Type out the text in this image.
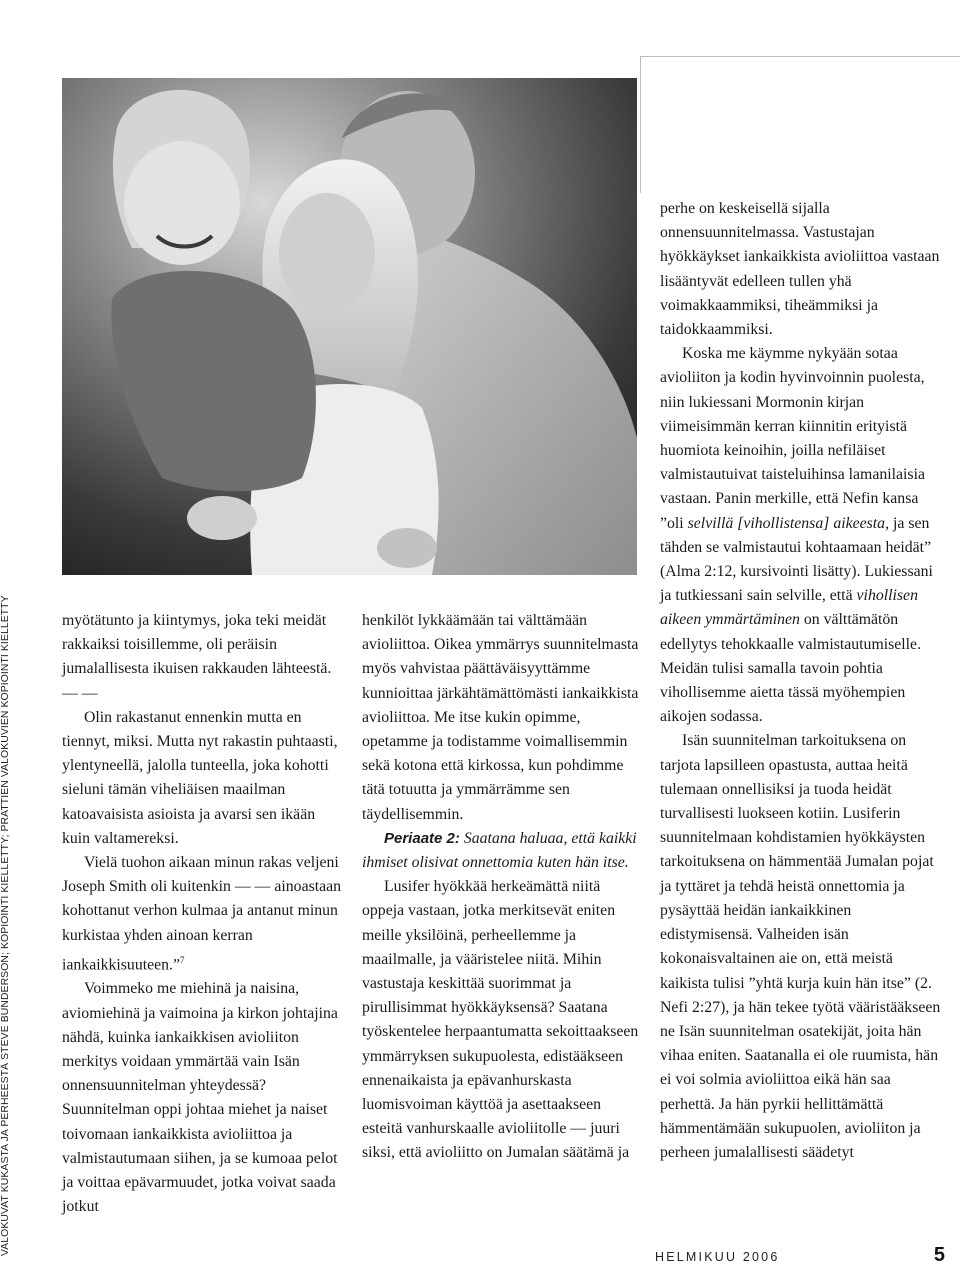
VALOKUVAT KUKASTA JA PERHEESTÄ STEVE BUNDERSON; KOPIOINTI KIELLETTY; PRATTIEN VALOKUVIEN KOPIOINTI KIELLETTY	myötätunto ja kiintymys, joka teki meidät rakkaiksi toisillemme, oli peräisin jumalallisesta ikuisen rakkauden lähteestä. — —

Olin rakastanut ennenkin mutta en tiennyt, miksi. Mutta nyt rakastin puhtaasti, ylentyneellä, jalolla tunteella, joka kohotti sieluni tämän viheliäisen maailman katoavaisista asioista ja avarsi sen ikään kuin valtamereksi.

Vielä tuohon aikaan minun rakas veljeni Joseph Smith oli kuitenkin — — ainoastaan kohottanut verhon kulmaa ja antanut minun kurkistaa yhden ainoan kerran iankaikkisuuteen.”$^7$

Voimmeko me miehinä ja naisina, aviomiehinä ja vaimoina ja kirkon johtajina nähdä, kuinka iankaikkisen avioliiton merkitys voidaan ymmärtää vain Isän onnensuunnitelman yhteydessä? Suunnitelman oppi johtaa miehet ja naiset toivomaan iankaikkista avioliittoa ja valmistautumaan siihen, ja se kumoaa pelot ja voittaa epävarmuudet, jotka voivat saada jotkut

henkilöt lykkäämään tai välttämään avioliittoa. Oikea ymmärrys suunnitelmasta myös vahvistaa päättäväisyyttämme kunnioittaa järkähtämättömästi iankaikkista avioliittoa. Me itse kukin opimme, opetamme ja todistamme voimallisemmin sekä kotona että kirkossa, kun pohdimme tätä totuutta ja ymmärrämme sen täydellisemmin.

Periaate 2: Saatana haluaa, että kaikki ihmiset olisivat onnettomia kuten hän itse.

Lusifer hyökkää herkeämättä niitä oppeja vastaan, jotka merkitsevät eniten meille yksilöinä, perheellemme ja maailmalle, ja vääristelee niitä. Mihin vastustaja keskittää suorimmat ja pirullisimmat hyökkäyksensä? Saatana työskentelee herpaantumatta sekoittaakseen ymmärryksen sukupuolesta, edistääkseen ennenaikaista ja epävanhurskasta luomisvoiman käyttöä ja asettaakseen esteitä vanhurskaalle avioliitolle — juuri siksi, että avioliitto on Jumalan säätämä ja

perhe on keskeisellä sijalla onnensuunnitelmassa. Vastustajan hyökkäykset iankaikkista avioliittoa vastaan lisääntyvät edelleen tullen yhä voimakkaammiksi, tiheämmiksi ja taidokkaammiksi.

Koska me käymme nykyään sotaa avioliiton ja kodin hyvinvoinnin puolesta, niin lukiessani Mormonin kirjan viimeisimmän kerran kiinnitin erityistä huomiota keinoihin, joilla nefiläiset valmistautuivat taisteluihinsa lamanilaisia vastaan. Panin merkille, että Nefin kansa ”oli selvillä [vihollistensa] aikeesta, ja sen tähden se valmistautui kohtaamaan heidät” (Alma 2:12, kursivointi lisätty). Lukiessani ja tutkiessani sain selville, että vihollisen aikeen ymmärtäminen on välttämätön edellytys tehokkaalle valmistautumiselle. Meidän tulisi samalla tavoin pohtia vihollisemme aietta tässä myöhempien aikojen sodassa.

Isän suunnitelman tarkoituksena on tarjota lapsilleen opastusta, auttaa heitä tulemaan onnellisiksi ja tuoda heidät turvallisesti luokseen kotiin. Lusiferin suunnitelmaan kohdistamien hyökkäysten tarkoituksena on hämmentää Jumalan pojat ja tyttäret ja tehdä heistä onnettomia ja pysäyttää heidän iankaikkinen edistymisensä. Valheiden isän kokonaisvaltainen aie on, että meistä kaikista tulisi ”yhtä kurja kuin hän itse” (2. Nefi 2:27), ja hän tekee työtä vääristääkseen ne Isän suunnitelman osatekijät, joita hän vihaa eniten. Saatanalla ei ole ruumista, hän ei voi solmia avioliittoa eikä hän saa perhettä. Ja hän pyrkii hellittämättä hämmentämään sukupuolen, avioliiton ja perheen jumalallisesti säädetyt

HELMIKUU 2006	5
